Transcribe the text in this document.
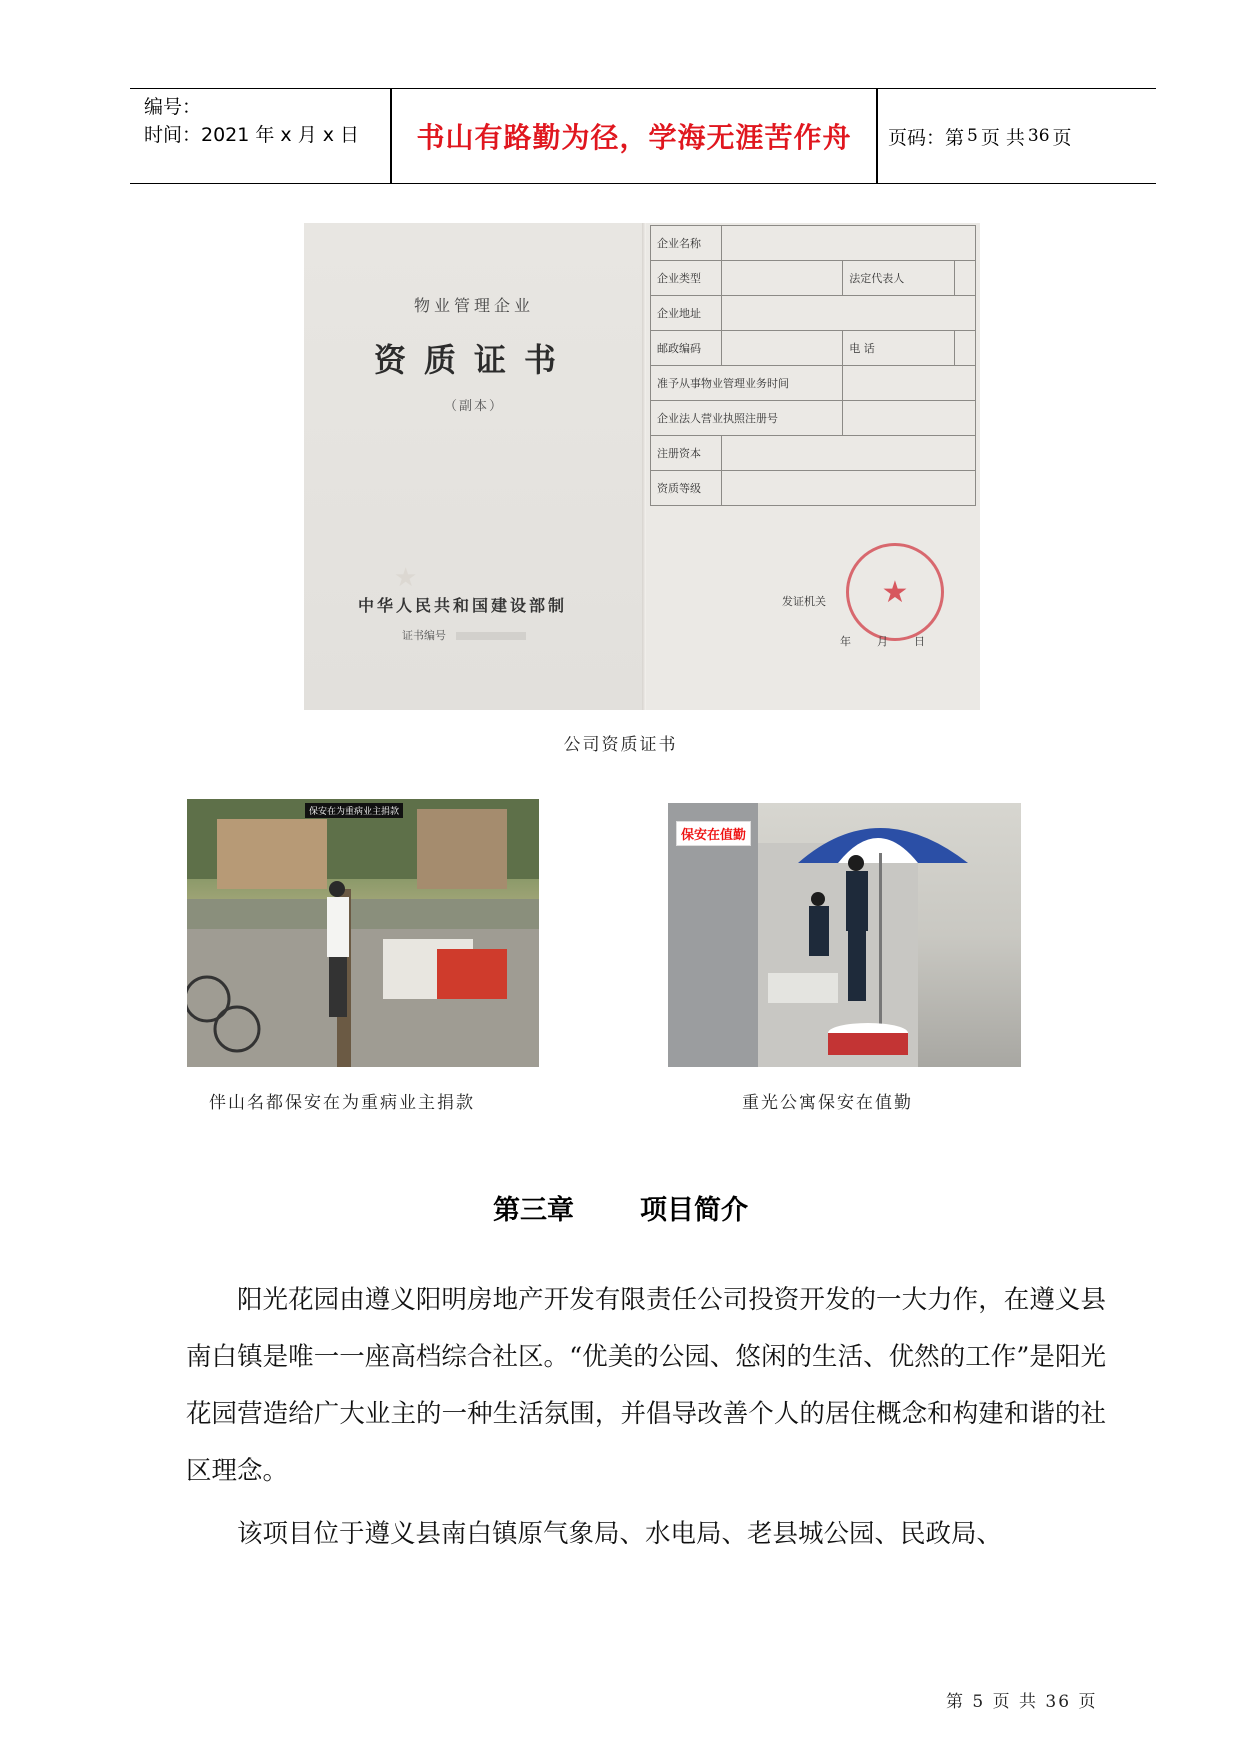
编号：
时间：2021 年 x 月 x 日	书山有路勤为径，学海无涯苦作舟	页码：第 5 页 共 36 页
物业管理企业
资质证书
（副本）
★
中华人民共和国建设部制
证书编号
企业名称			
企业类型		法定代表人	
企业地址			
邮政编码		电 话	
准予从事物业管理业务时间			
企业法人营业执照注册号			
注册资本			
资质等级			
发证机关 ★
年月日
公司资质证书
保安在为重病业主捐款
保安在值勤
伴山名都保安在为重病业主捐款	重光公寓保安在值勤
第三章 项目简介

阳光花园由遵义阳明房地产开发有限责任公司投资开发的一大力作，在遵义县南白镇是唯一一座高档综合社区。“优美的公园、悠闲的生活、优然的工作”是阳光花园营造给广大业主的一种生活氛围，并倡导改善个人的居住概念和构建和谐的社区理念。

该项目位于遵义县南白镇原气象局、水电局、老县城公园、民政局、

第 5 页 共 36 页
